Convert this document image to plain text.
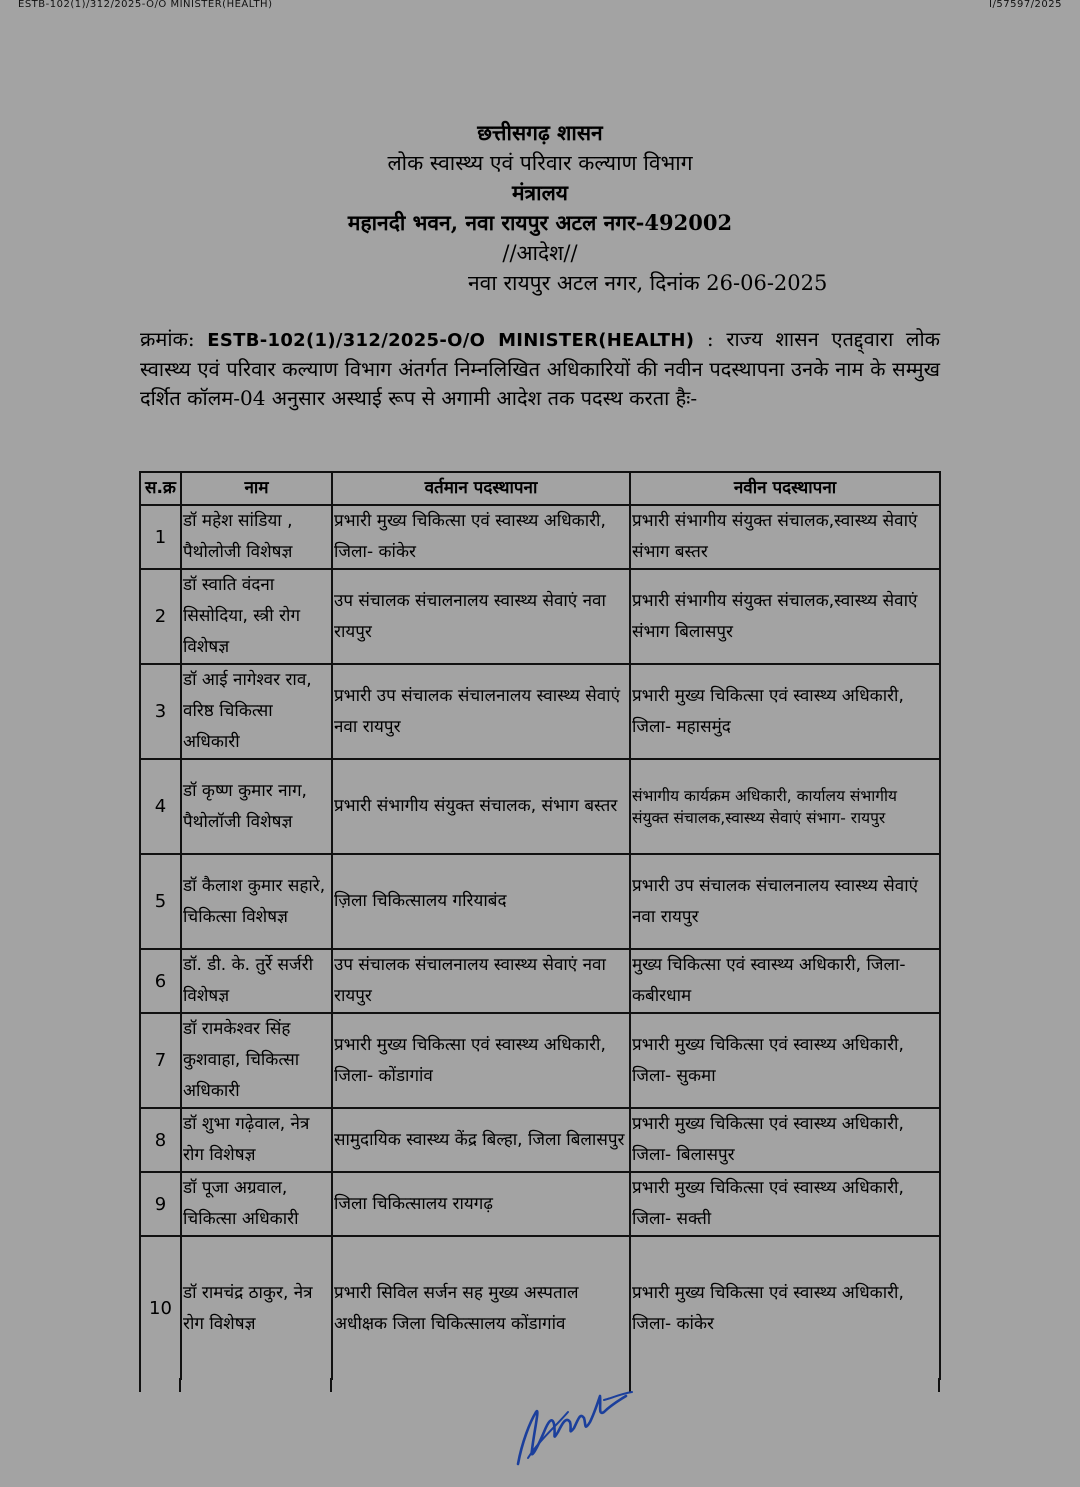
ESTB-102(1)/312/2025-O/O MINISTER(HEALTH)	I/57597/2025
छत्तीसगढ़ शासन
लोक स्वास्थ्य एवं परिवार कल्याण विभाग
मंत्रालय
महानदी भवन, नवा रायपुर अटल नगर-492002
//आदेश//
नवा रायपुर अटल नगर, दिनांक 26-06-2025
क्रमांक: ESTB-102(1)/312/2025-O/O MINISTER(HEALTH) : राज्य शासन एतद्द्वारा लोक स्वास्थ्य एवं परिवार कल्याण विभाग अंतर्गत निम्नलिखित अधिकारियों की नवीन पदस्थापना उनके नाम के सम्मुख दर्शित कॉलम-04 अनुसार अस्थाई रूप से अगामी आदेश तक पदस्थ करता हैः-
स.क्र	नाम	वर्तमान पदस्थापना	नवीन पदस्थापना
1	डॉ महेश सांडिया , पैथोलोजी विशेषज्ञ	प्रभारी मुख्य चिकित्सा एवं स्वास्थ्य अधिकारी, जिला- कांकेर	प्रभारी संभागीय संयुक्त संचालक,स्वास्थ्य सेवाएं संभाग बस्तर
2	डॉ स्वाति वंदना सिसोदिया, स्त्री रोग विशेषज्ञ	उप संचालक संचालनालय स्वास्थ्य सेवाएं नवा रायपुर	प्रभारी संभागीय संयुक्त संचालक,स्वास्थ्य सेवाएं संभाग बिलासपुर
3	डॉ आई नागेश्वर राव, वरिष्ठ चिकित्सा अधिकारी	प्रभारी उप संचालक संचालनालय स्वास्थ्य सेवाएं नवा रायपुर	प्रभारी मुख्य चिकित्सा एवं स्वास्थ्य अधिकारी, जिला- महासमुंद
4	डॉ कृष्ण कुमार नाग, पैथोलॉजी विशेषज्ञ	प्रभारी संभागीय संयुक्त संचालक, संभाग बस्तर	संभागीय कार्यक्रम अधिकारी, कार्यालय संभागीय संयुक्त संचालक,स्वास्थ्य सेवाएं संभाग- रायपुर
5	डॉ कैलाश कुमार सहारे, चिकित्सा विशेषज्ञ	ज़िला चिकित्सालय गरियाबंद	प्रभारी उप संचालक संचालनालय स्वास्थ्य सेवाएं नवा रायपुर
6	डॉ. डी. के. तुर्रे सर्जरी विशेषज्ञ	उप संचालक संचालनालय स्वास्थ्य सेवाएं नवा रायपुर	मुख्य चिकित्सा एवं स्वास्थ्य अधिकारी, जिला- कबीरधाम
7	डॉ रामकेश्वर सिंह कुशवाहा, चिकित्सा अधिकारी	प्रभारी मुख्य चिकित्सा एवं स्वास्थ्य अधिकारी, जिला- कोंडागांव	प्रभारी मुख्य चिकित्सा एवं स्वास्थ्य अधिकारी, जिला- सुकमा
8	डॉ शुभा गढ़ेवाल, नेत्र रोग विशेषज्ञ	सामुदायिक स्वास्थ्य केंद्र बिल्हा, जिला बिलासपुर	प्रभारी मुख्य चिकित्सा एवं स्वास्थ्य अधिकारी, जिला- बिलासपुर
9	डॉ पूजा अग्रवाल, चिकित्सा अधिकारी	जिला चिकित्सालय रायगढ़	प्रभारी मुख्य चिकित्सा एवं स्वास्थ्य अधिकारी, जिला- सक्ती
10	डॉ रामचंद्र ठाकुर, नेत्र रोग विशेषज्ञ	प्रभारी सिविल सर्जन सह मुख्य अस्पताल अधीक्षक जिला चिकित्सालय कोंडागांव	प्रभारी मुख्य चिकित्सा एवं स्वास्थ्य अधिकारी, जिला- कांकेर
